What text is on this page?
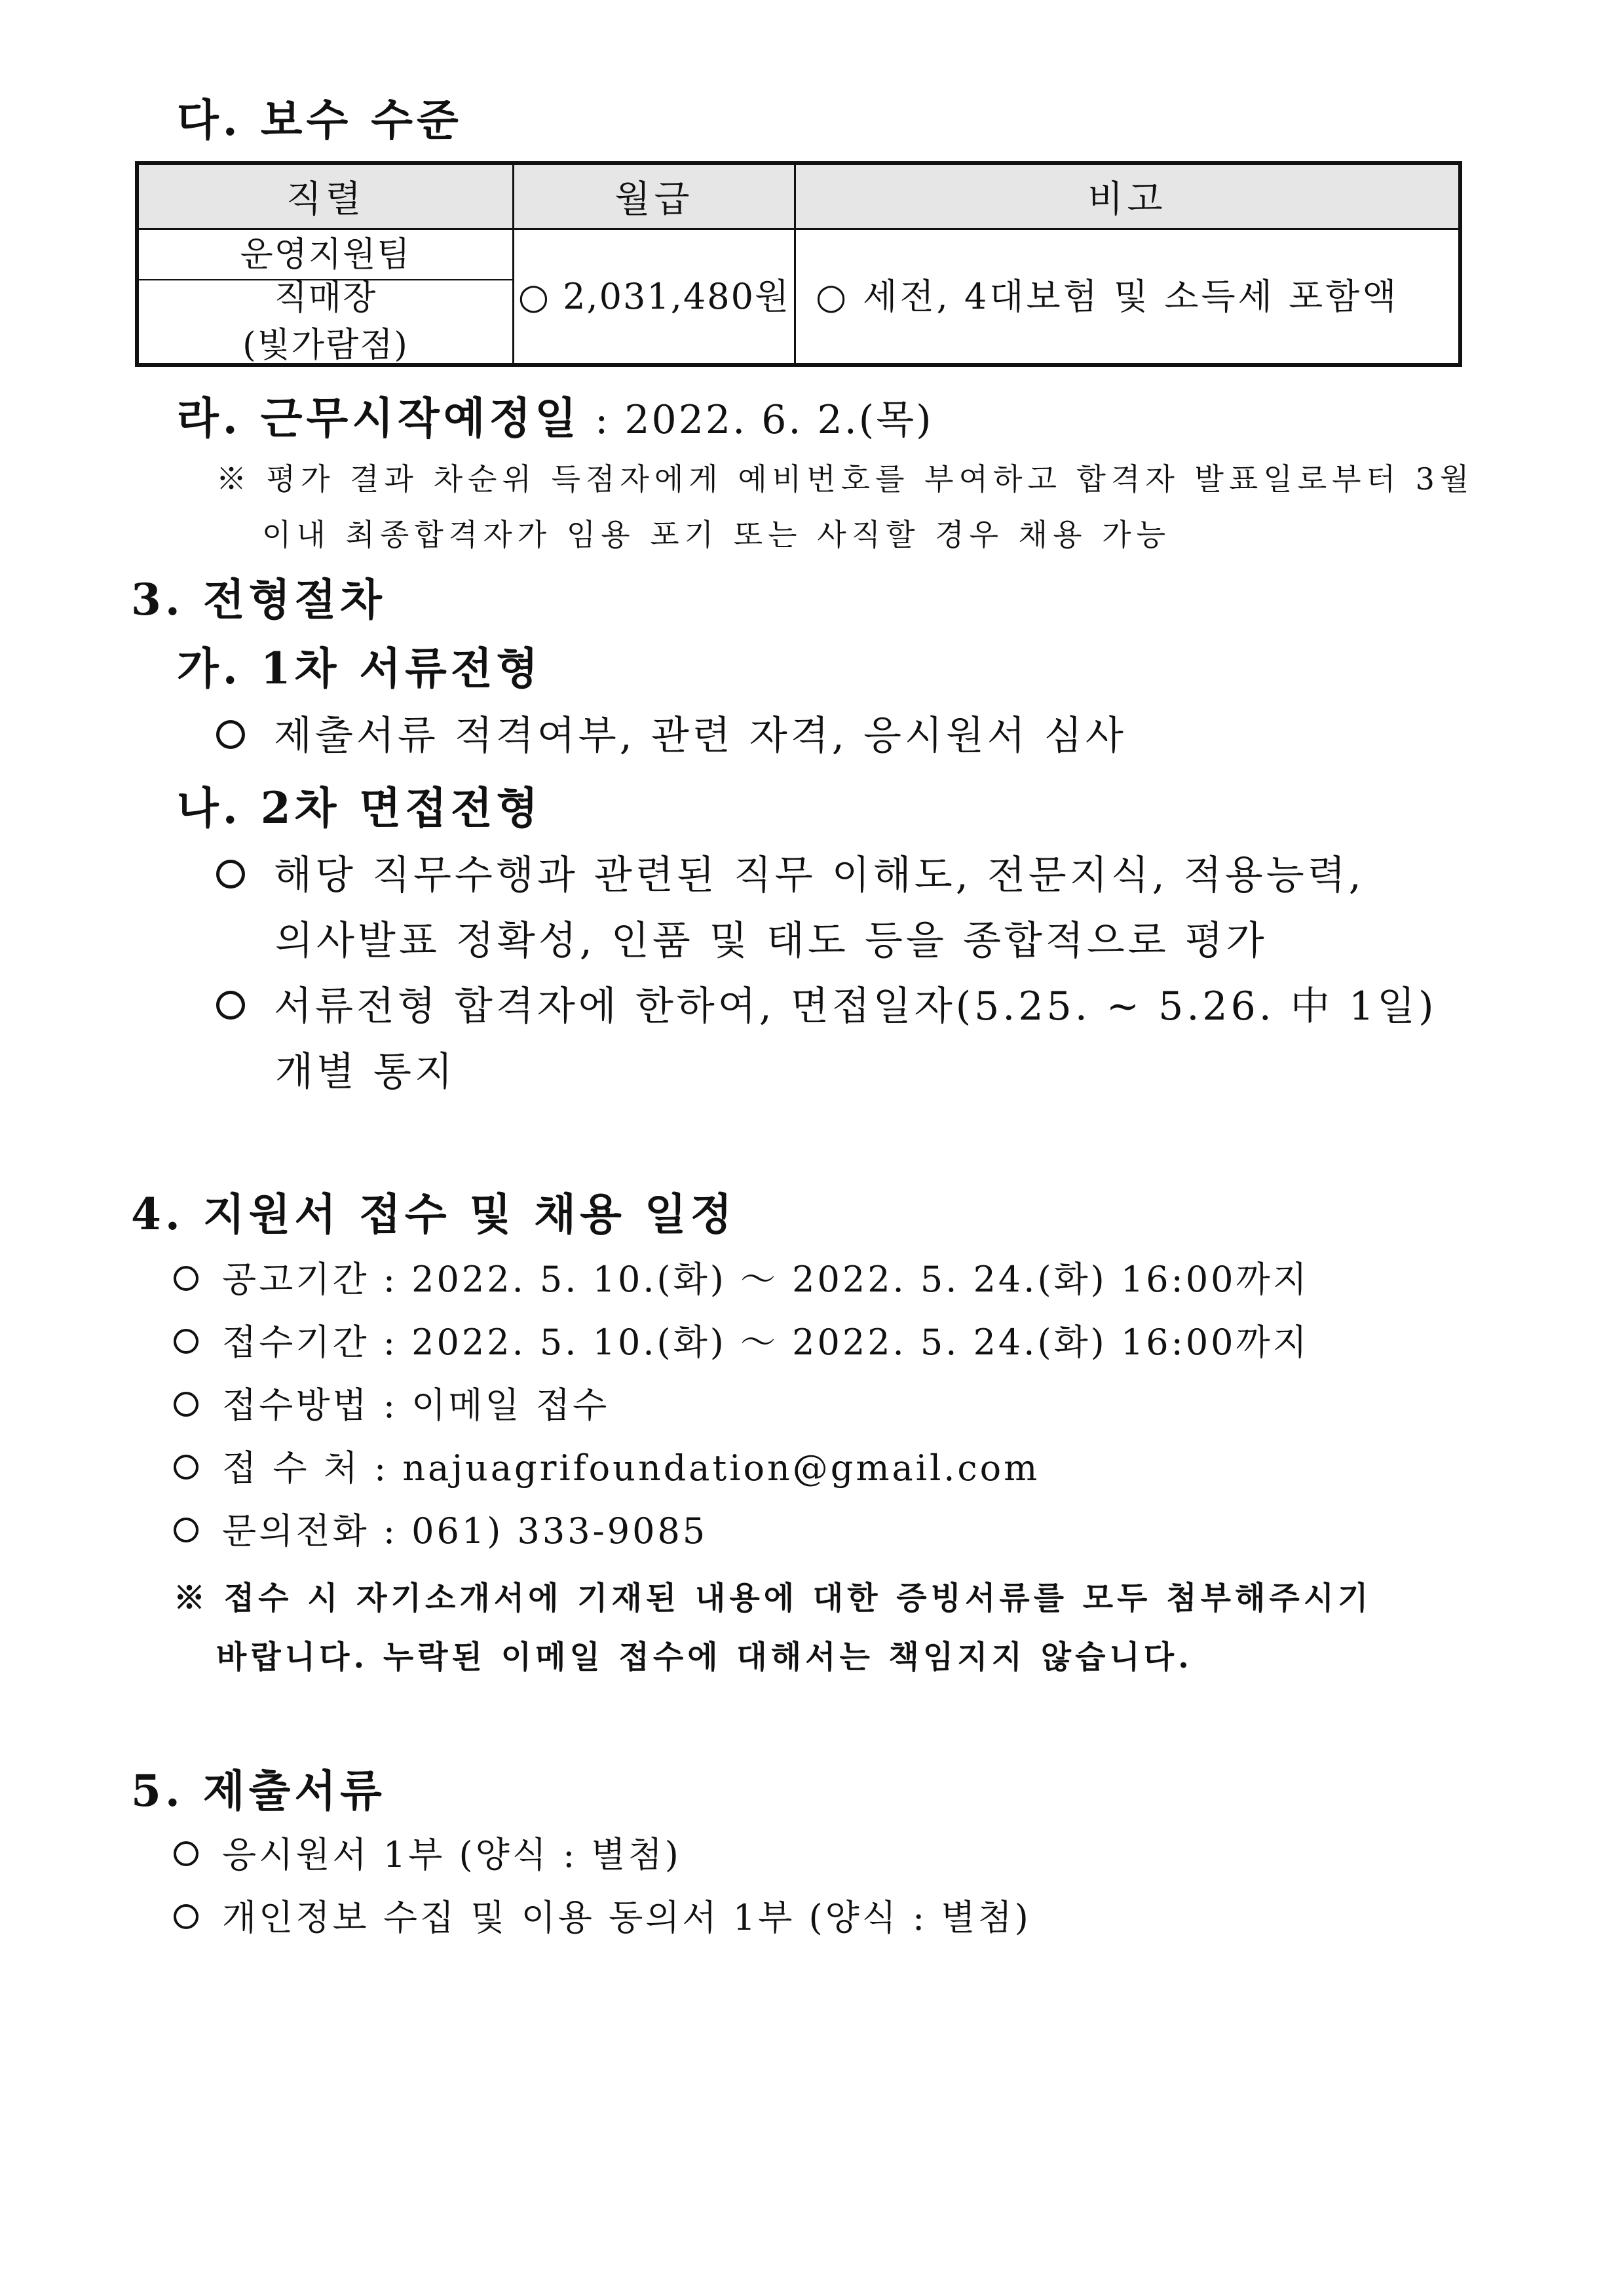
다. 보수 수준
직렬	월급	비고
운영지원팀
직매장
(빛가람점)
○ 2,031,480원 ○ 세전, 4대보험 및 소득세 포함액
라. 근무시작예정일 : 2022. 6. 2.(목)
※ 평가 결과 차순위 득점자에게 예비번호를 부여하고 합격자 발표일로부터 3월
이내 최종합격자가 임용 포기 또는 사직할 경우 채용 가능
3. 전형절차
가. 1차 서류전형
제출서류 적격여부, 관련 자격, 응시원서 심사
나. 2차 면접전형
해당 직무수행과 관련된 직무 이해도, 전문지식, 적용능력,
의사발표 정확성, 인품 및 태도 등을 종합적으로 평가
서류전형 합격자에 한하여, 면접일자(5.25. ~ 5.26. 中 1일)
개별 통지
4. 지원서 접수 및 채용 일정
공고기간 : 2022. 5. 10.(화) ～ 2022. 5. 24.(화) 16:00까지
접수기간 : 2022. 5. 10.(화) ～ 2022. 5. 24.(화) 16:00까지
접수방법 : 이메일 접수
접 수 처 : najuagrifoundation@gmail.com
문의전화 : 061) 333-9085
※ 접수 시 자기소개서에 기재된 내용에 대한 증빙서류를 모두 첨부해주시기
바랍니다. 누락된 이메일 접수에 대해서는 책임지지 않습니다.
5. 제출서류
응시원서 1부 (양식 : 별첨)
개인정보 수집 및 이용 동의서 1부 (양식 : 별첨)
